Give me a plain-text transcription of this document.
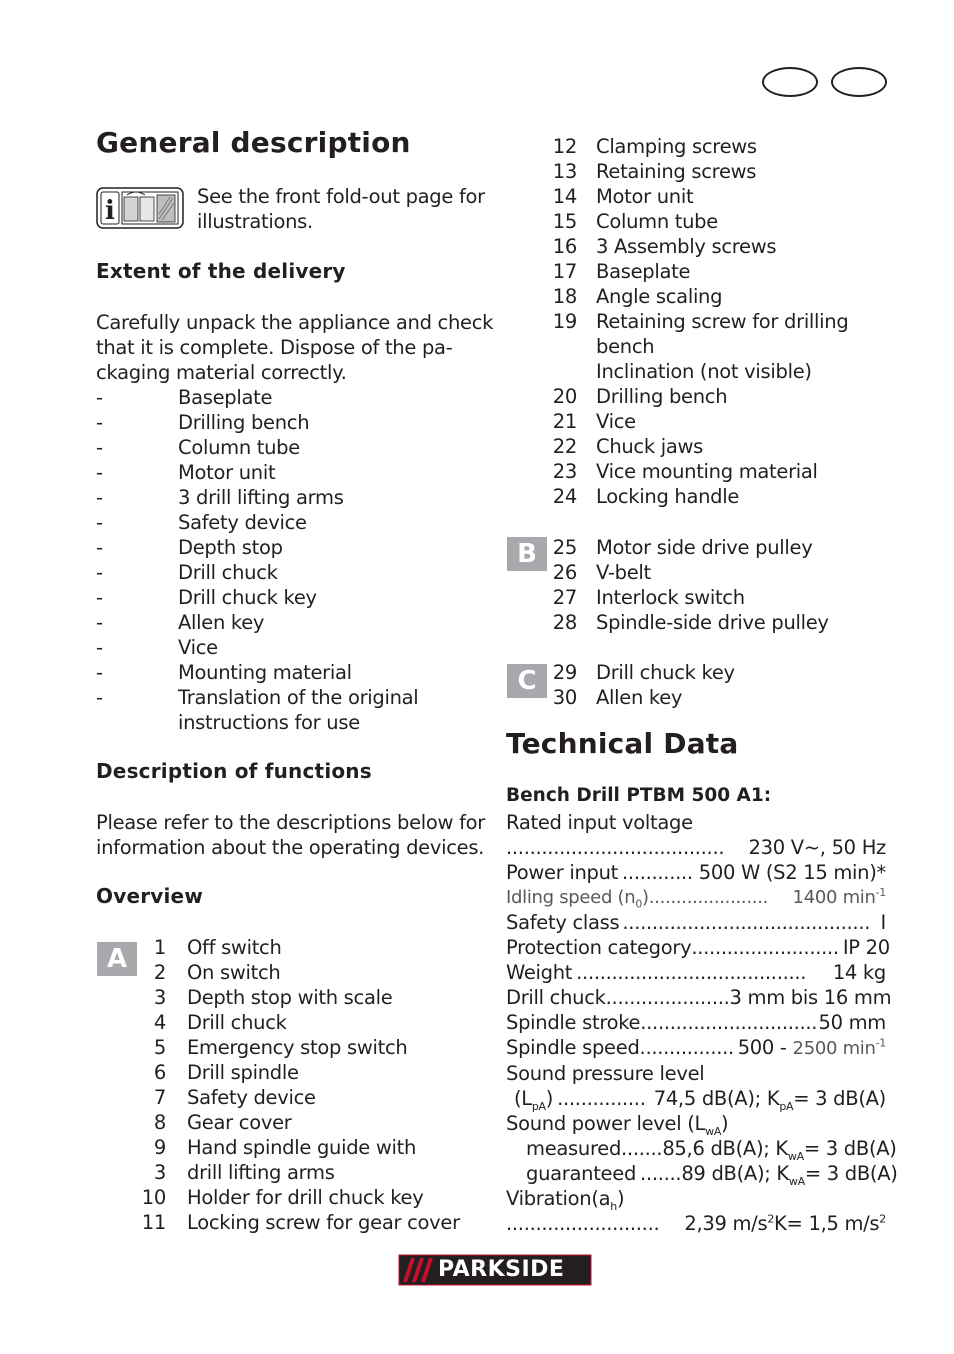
General description
i	See the front fold-out page for
illustrations.
Extent of the delivery
Carefully unpack the appliance and check
that it is complete. Dispose of the pa-
ckaging material correctly.
-	Baseplate
-	Drilling bench
-	Column tube
-	Motor unit
-	3 drill lifting arms
-	Safety device
-	Depth stop
-	Drill chuck
-	Drill chuck key
-	Allen key
-	Vice
-	Mounting material
-	Translation of the original
instructions for use
Description of functions
Please refer to the descriptions below for
information about the operating devices.
Overview
A	1	Off switch
2	On switch
3	Depth stop with scale
4	Drill chuck
5	Emergency stop switch
6	Drill spindle
7	Safety device
8	Gear cover
9	Hand spindle guide with
3	drill lifting arms
10	Holder for drill chuck key
11	Locking screw for gear cover
12 Clamping screws
13 Retaining screws
14 Motor unit
15 Column tube
16 3 Assembly screws
17 Baseplate
18 Angle scaling
19 Retaining screw for drilling
bench
Inclination (not visible)
20 Drilling bench
21 Vice
22 Chuck jaws
23 Vice mounting material
24 Locking handle
B 25 Motor side drive pulley
26 V-belt
27 Interlock switch
28 Spindle-side drive pulley
C 29 Drill chuck key
30 Allen key
Technical Data
Bench Drill PTBM 500 A1:
Rated input voltage
.....................................	230 V~, 50 Hz
Power input ............ 500 W (S2 15 min)*
Idling speed $(n_0)$ ......................	1400 $\min^{-1}$
Safety class .......................................... I
Protection category ......................... IP 20
Weight .......................................	14 kg
Drill chuck ..................... 3 mm bis 16 mm
Spindle stroke .............................. 50 mm
Spindle speed ................ 500 - 2500 $\min^{-1}$
Sound pressure level
$(L_{pA})$ ............... 74,5 dB(A); $K_{pA}= 3$ dB(A)
Sound power level $(L_{wA})$
measured ....... 85,6 dB(A); $K_{wA}= 3$ dB(A)
guaranteed ....... 89 dB(A); $K_{wA}= 3$ dB(A)
$Vibration(a_h)$
..........................	2,39 $m/s^2K= 1,5$ $m/s^2$
PARKSIDE
